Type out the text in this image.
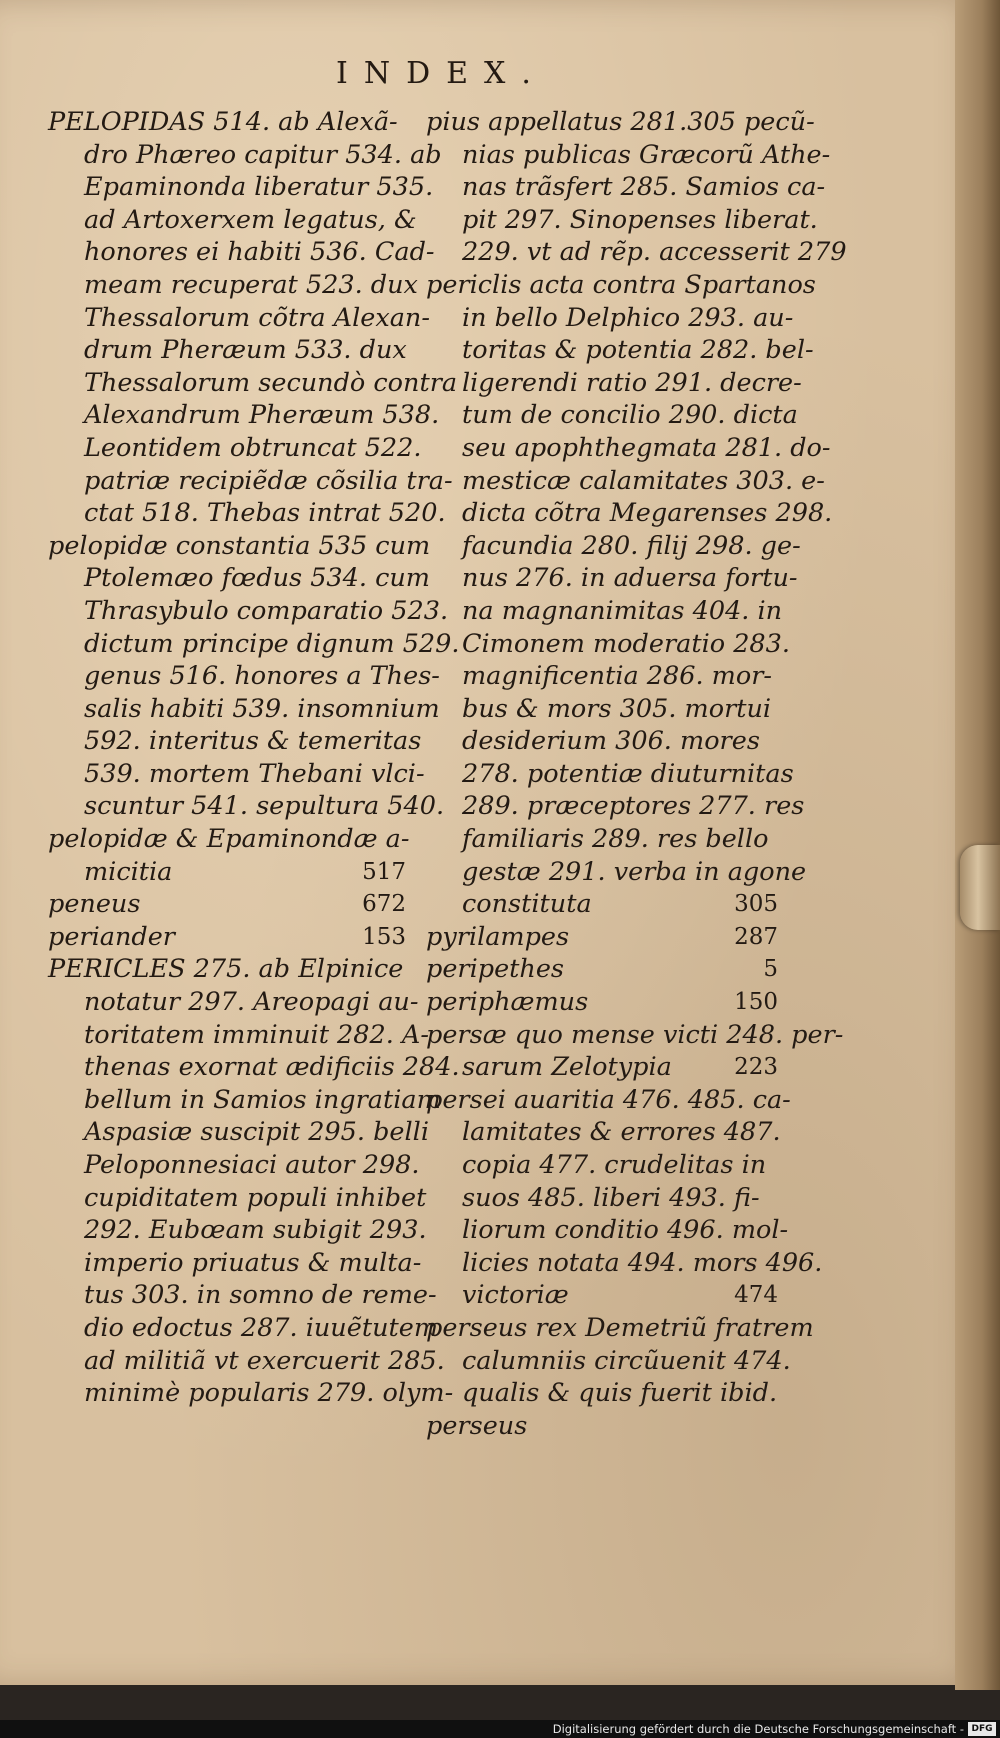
INDEX.
PELOPIDAS 514. ab Alexã-
dro Phæreo capitur 534. ab
Epaminonda liberatur 535.
ad Artoxerxem legatus, &
honores ei habiti 536. Cad-
meam recuperat 523. dux
Thessalorum cõtra Alexan-
drum Pheræum 533. dux
Thessalorum secundò contra
Alexandrum Pheræum 538.
Leontidem obtruncat 522.
patriæ recipiẽdæ cõsilia tra-
ctat 518. Thebas intrat 520.
pelopidæ constantia 535 cum
Ptolemæo fœdus 534. cum
Thrasybulo comparatio 523.
dictum principe dignum 529.
genus 516. honores a Thes-
salis habiti 539. insomnium
592. interitus & temeritas
539. mortem Thebani vlci-
scuntur 541. sepultura 540.
pelopidæ & Epaminondæ a-
micitia	517
peneus	672
periander	153
PERICLES 275. ab Elpinice
notatur 297. Areopagi au-
toritatem imminuit 282. A-
thenas exornat ædificiis 284.
bellum in Samios ingratiam
Aspasiæ suscipit 295. belli
Peloponnesiaci autor 298.
cupiditatem populi inhibet
292. Eubœam subigit 293.
imperio priuatus & multa-
tus 303. in somno de reme-
dio edoctus 287. iuuẽtutem
ad militiã vt exercuerit 285.
minimè popularis 279. olym-
pius appellatus 281.305 pecũ-
nias publicas Græcorũ Athe-
nas trãsfert 285. Samios ca-
pit 297. Sinopenses liberat.
229. vt ad rẽp. accesserit 279
periclis acta contra Spartanos
in bello Delphico 293. au-
toritas & potentia 282. bel-
ligerendi ratio 291. decre-
tum de concilio 290. dicta
seu apophthegmata 281. do-
mesticæ calamitates 303. e-
dicta cõtra Megarenses 298.
facundia 280. filij 298. ge-
nus 276. in aduersa fortu-
na magnanimitas 404. in
Cimonem moderatio 283.
magnificentia 286. mor-
bus & mors 305. mortui
desiderium 306. mores
278. potentiæ diuturnitas
289. præceptores 277. res
familiaris 289. res bello
gestæ 291. verba in agone
constituta	305
pyrilampes	287
peripethes	5
periphæmus	150
persæ quo mense victi 248. per-
sarum Zelotypia	223
persei auaritia 476. 485. ca-
lamitates & errores 487.
copia 477. crudelitas in
suos 485. liberi 493. fi-
liorum conditio 496. mol-
licies notata 494. mors 496.
victoriæ	474
perseus rex Demetriũ fratrem
calumniis circũuenit 474.
qualis & quis fuerit ibid.
perseus
Digitalisierung gefördert durch die Deutsche Forschungsgemeinschaft - DFG
